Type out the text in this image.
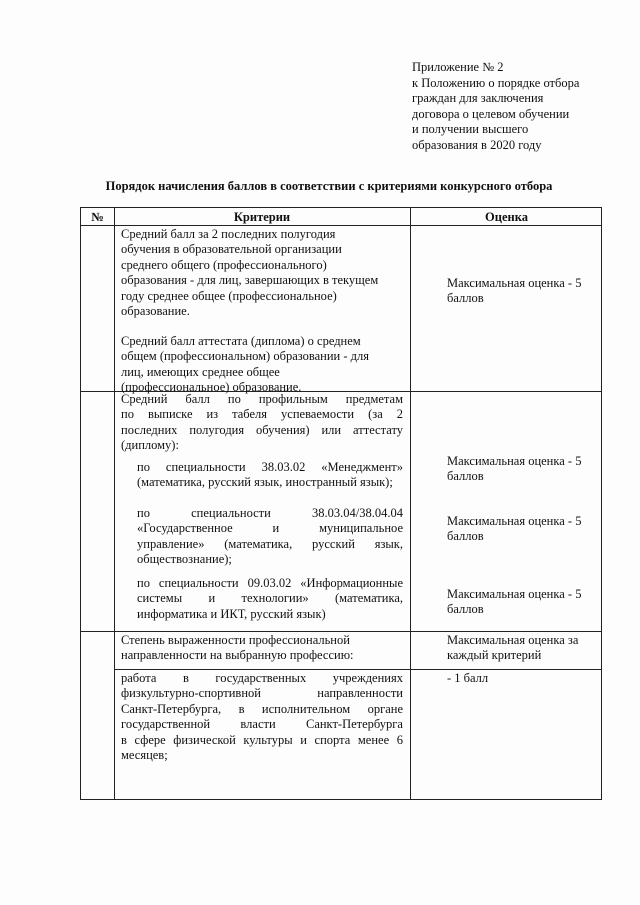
Приложение № 2
к Положению о порядке отбора
граждан для заключения
договора о целевом обучении
и получении высшего
образования в 2020 году
Порядок начисления баллов в соответствии с критериями конкурсного отбора
№	Критерии	Оценка
Средний балл за 2 последних полугодия
обучения в образовательной организации
среднего общего (профессионального)
образования - для лиц, завершающих в текущем
году среднее общее (профессиональное)
образование.
Средний балл аттестата (диплома) о среднем
общем (профессиональном) образовании - для
лиц, имеющих среднее общее
(профессиональное) образование.
Максимальная оценка - 5
баллов
Средний балл по профильным предметам
по выписке из табеля успеваемости (за 2
последних полугодия обучения) или аттестату
(диплому):
по специальности 38.03.02 «Менеджмент»
(математика, русский язык, иностранный язык);
по специальности 38.03.04/38.04.04
«Государственное и муниципальное
управление» (математика, русский язык,
обществознание);
по специальности 09.03.02 «Информационные
системы и технологии» (математика,
информатика и ИКТ, русский язык)
Максимальная оценка - 5
баллов
Максимальная оценка - 5
баллов
Максимальная оценка - 5
баллов
Степень выраженности профессиональной
направленности на выбранную профессию:
Максимальная оценка за
каждый критерий
работа в государственных учреждениях
физкультурно-спортивной направленности
Санкт-Петербурга, в исполнительном органе
государственной власти Санкт-Петербурга
в сфере физической культуры и спорта менее 6
месяцев;
- 1 балл
